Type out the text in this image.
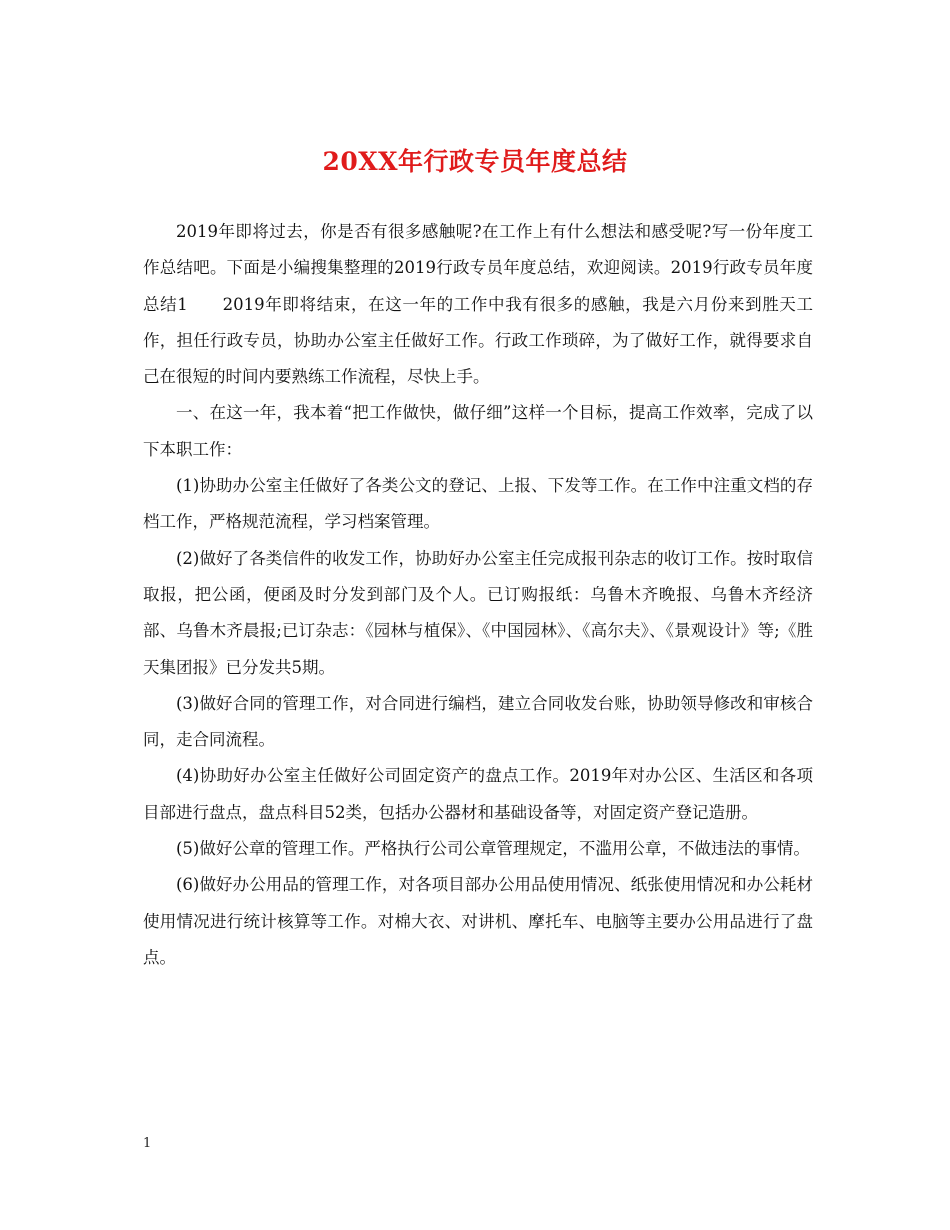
20XX年行政专员年度总结

2019年即将过去，你是否有很多感触呢?在工作上有什么想法和感受呢?写一份年度工作总结吧。下面是小编搜集整理的2019行政专员年度总结，欢迎阅读。2019行政专员年度总结1　　2019年即将结束，在这一年的工作中我有很多的感触，我是六月份来到胜天工作，担任行政专员，协助办公室主任做好工作。行政工作琐碎，为了做好工作，就得要求自己在很短的时间内要熟练工作流程，尽快上手。

一、在这一年，我本着“把工作做快，做仔细”这样一个目标，提高工作效率，完成了以下本职工作：

(1)协助办公室主任做好了各类公文的登记、上报、下发等工作。在工作中注重文档的存档工作，严格规范流程，学习档案管理。

(2)做好了各类信件的收发工作，协助好办公室主任完成报刊杂志的收订工作。按时取信取报，把公函，便函及时分发到部门及个人。已订购报纸：乌鲁木齐晚报、乌鲁木齐经济部、乌鲁木齐晨报;已订杂志：《园林与植保》、《中国园林》、《高尔夫》、《景观设计》等;《胜天集团报》已分发共5期。

(3)做好合同的管理工作，对合同进行编档，建立合同收发台账，协助领导修改和审核合同，走合同流程。

(4)协助好办公室主任做好公司固定资产的盘点工作。2019年对办公区、生活区和各项目部进行盘点，盘点科目52类，包括办公器材和基础设备等，对固定资产登记造册。

(5)做好公章的管理工作。严格执行公司公章管理规定，不滥用公章，不做违法的事情。

(6)做好办公用品的管理工作，对各项目部办公用品使用情况、纸张使用情况和办公耗材使用情况进行统计核算等工作。对棉大衣、对讲机、摩托车、电脑等主要办公用品进行了盘点。

1
